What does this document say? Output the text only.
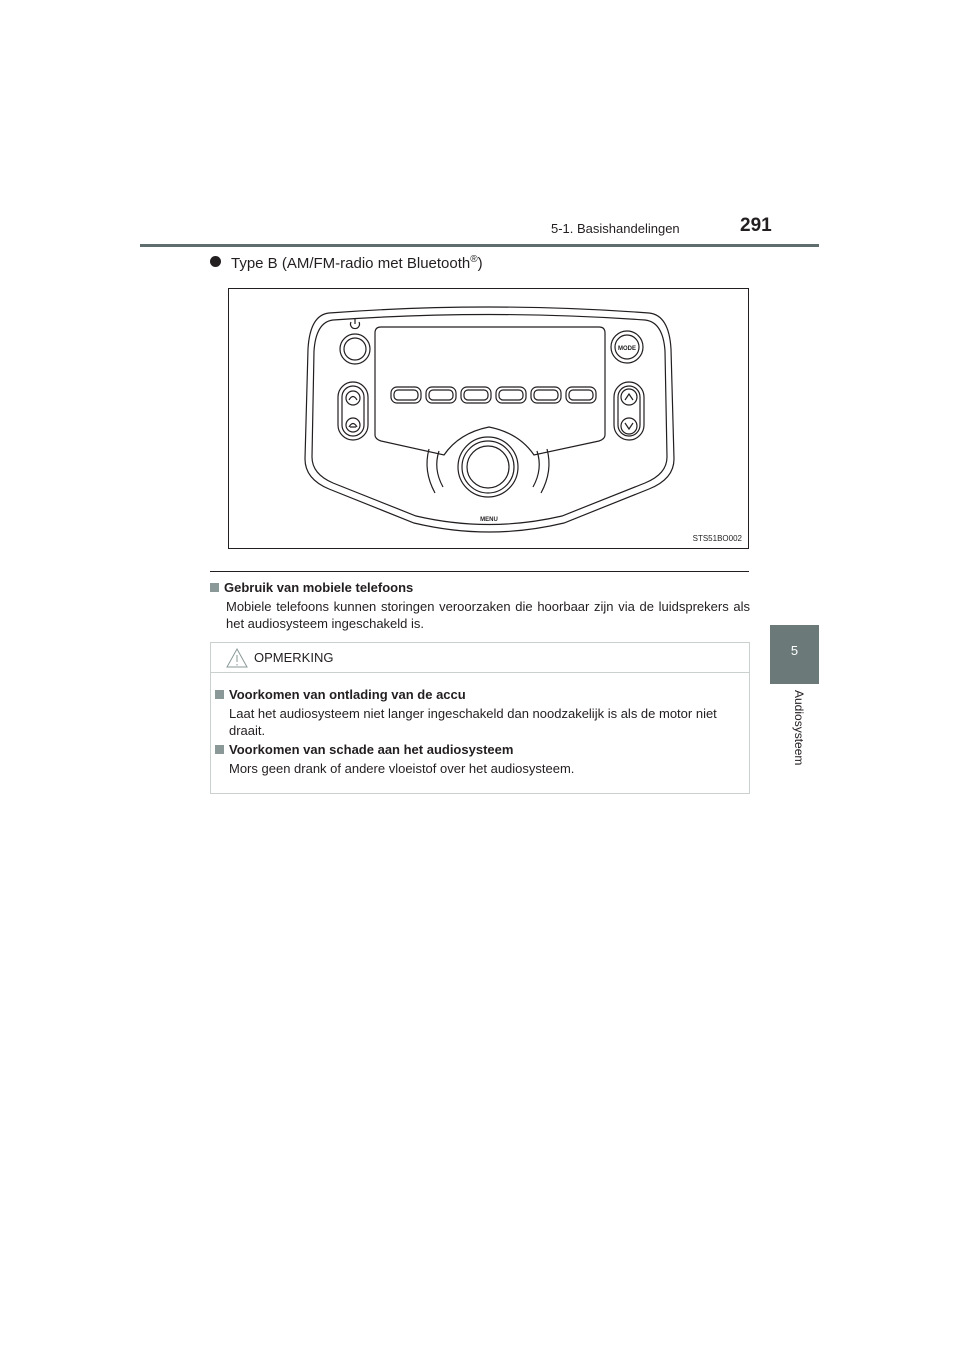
5-1. Basishandelingen	291
5
Audiosysteem
Type B (AM/FM-radio met Bluetooth®)
MODE
MENU
STS51BO002
Gebruik van mobiele telefoons
Mobiele telefoons kunnen storingen veroorzaken die hoorbaar zijn via de luidsprekers als het audiosysteem ingeschakeld is.
OPMERKING
Voorkomen van ontlading van de accu
Laat het audiosysteem niet langer ingeschakeld dan noodzakelijk is als de motor niet draait.
Voorkomen van schade aan het audiosysteem
Mors geen drank of andere vloeistof over het audiosysteem.
